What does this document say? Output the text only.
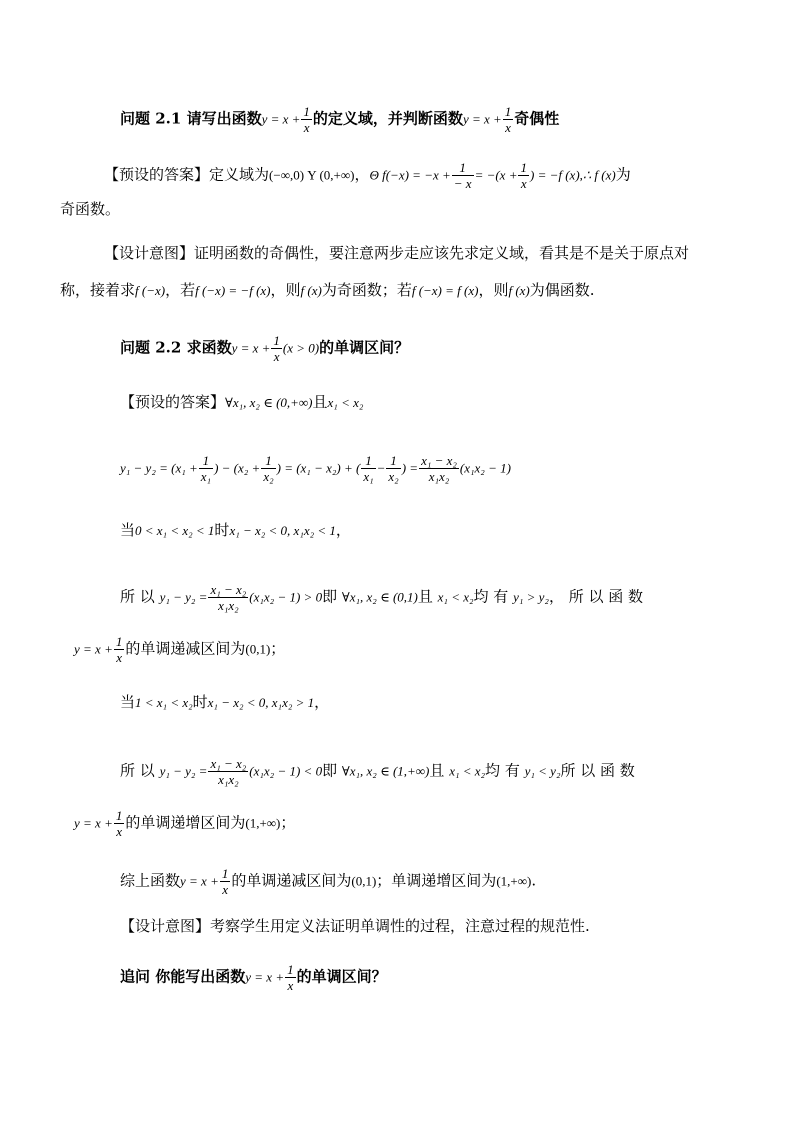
问题 2.1 请写出函数$y = x + \frac{1}{x}$ 的定义域，并判断函数$y = x + \frac{1}{x}$ 奇偶性
【预设的答案】定义域为(−∞,0) Y (0,+∞)，Θ $f(-x) = -x + \frac{1}{- x} = -(x + \frac{1}{x}$ ) = −f (x),∴ f (x)为
奇函数。
【设计意图】证明函数的奇偶性，要注意两步走应该先求定义域，看其是不是关于原点对
称，接着求f (−x)，若f (−x) = −f (x)，则f (x)为奇函数；若f (−x) = f (x)，则f (x)为偶函数.
问题 2.2 求函数$y = x + \frac{1}{x} (x > 0)$的单调区间？
【预设的答案】∀x₁, x₂ ∈ (0,+∞)且x₁ < x₂
$y_1 - y_2 = (x_1 + \frac{1}{\text{x₁}}$ ) − ($x_2 + \frac{1}{\text{x₂}}$ ) = (x₁ − x₂) + ( $\frac{1}{\text{x₁}} - \frac{1}{\text{x₂}}$ ) = $\frac{\text{x₁ − x₂}}{\text{x₁x₂}} (x_1x_2 - 1)$
当0 < x₁ < x₂ < 1时x₁ − x₂ < 0, x₁x₂ < 1，
所 以 $y_1 - y_2 = \frac{\text{x₁ − x₂}}{\text{x₁x₂}} (x_1x_2 - 1) > 0$即 ∀x₁, x₂ ∈ (0,1)且 x₁ < x₂均 有 y₁ > y₂， 所 以 函 数
$y = x + \frac{1}{x}$ 的单调递减区间为(0,1)；
当1 < x₁ < x₂时x₁ − x₂ < 0, x₁x₂ > 1，
所 以 $y_1 - y_2 = \frac{\text{x₁ − x₂}}{\text{x₁x₂}} (x_1x_2 - 1) < 0$即 ∀x₁, x₂ ∈ (1,+∞)且 x₁ < x₂均 有 y₁ < y₂所 以 函 数
$y = x + \frac{1}{x}$ 的单调递增区间为(1,+∞)；
综上函数$y = x + \frac{1}{x}$ 的单调递减区间为(0,1)；单调递增区间为(1,+∞).
【设计意图】考察学生用定义法证明单调性的过程，注意过程的规范性.
追问 你能写出函数$y = x + \frac{1}{x}$ 的单调区间？
